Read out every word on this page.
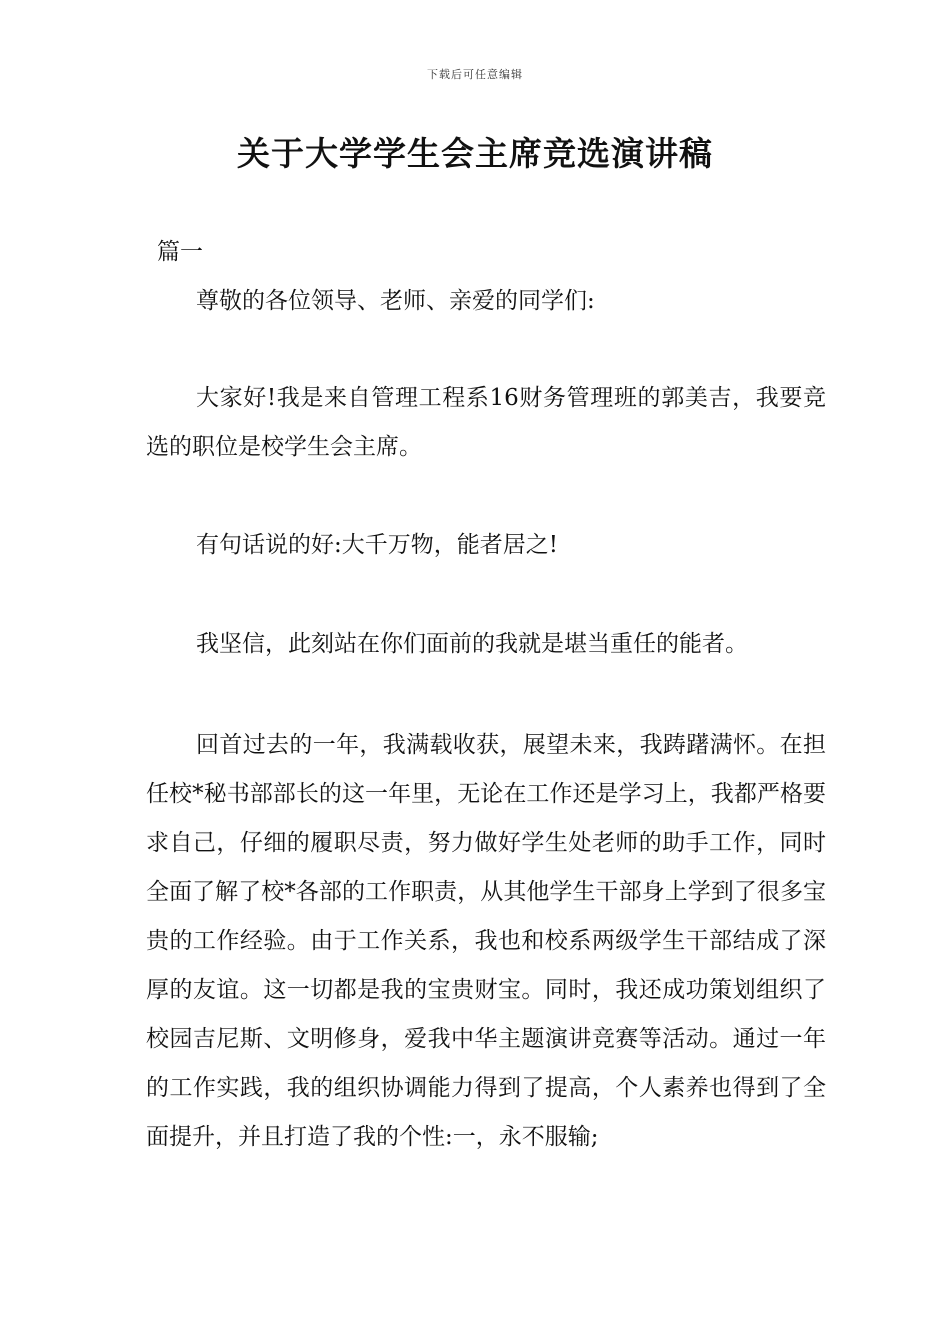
下载后可任意编辑
关于大学学生会主席竞选演讲稿

篇一

尊敬的各位领导、老师、亲爱的同学们:

大家好!我是来自管理工程系16财务管理班的郭美吉，我要竞选的职位是校学生会主席。

有句话说的好:大千万物，能者居之!

我坚信，此刻站在你们面前的我就是堪当重任的能者。

回首过去的一年，我满载收获，展望未来，我踌躇满怀。在担任校*秘书部部长的这一年里，无论在工作还是学习上，我都严格要求自己，仔细的履职尽责，努力做好学生处老师的助手工作，同时全面了解了校*各部的工作职责，从其他学生干部身上学到了很多宝贵的工作经验。由于工作关系，我也和校系两级学生干部结成了深厚的友谊。这一切都是我的宝贵财宝。同时，我还成功策划组织了校园吉尼斯、文明修身，爱我中华主题演讲竞赛等活动。通过一年的工作实践，我的组织协调能力得到了提高，个人素养也得到了全面提升，并且打造了我的个性:一，永不服输;
